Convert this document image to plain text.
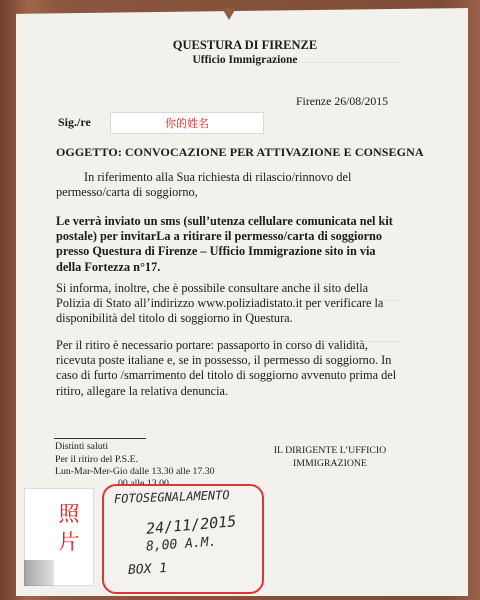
QUESTURA DI FIRENZE
Ufficio Immigrazione
Firenze 26/08/2015
Sig./re	你的姓名
OGGETTO: CONVOCAZIONE PER ATTIVAZIONE E CONSEGNA
In riferimento alla Sua richiesta di rilascio/rinnovo del
permesso/carta di soggiorno,
Le verrà inviato un sms (sull’utenza cellulare comunicata nel kit
postale) per invitarLa a ritirare il permesso/carta di soggiorno
presso Questura di Firenze – Ufficio Immigrazione sito in via
della Fortezza n°17.
Si informa, inoltre, che è possibile consultare anche il sito della
Polizia di Stato all’indirizzo www.poliziadistato.it per verificare la
disponibilità del titolo di soggiorno in Questura.
Per il ritiro è necessario portare: passaporto in corso di validità,
ricevuta poste italiane e, se in possesso, il permesso di soggiorno. In
caso di furto /smarrimento del titolo di soggiorno avvenuto prima del
ritiro, allegare la relativa denuncia.
Distinti saluti
Per il ritiro del P.S.E.
Lun-Mar-Mer-Gio dalle 13.30 alle 17.30
00 alle 13.00
IL DIRIGENTE L’UFFICIO
IMMIGRAZIONE
照片
FOTOSEGNALAMENTO
24/11/2015
8,00 A.M.
BOX 1
